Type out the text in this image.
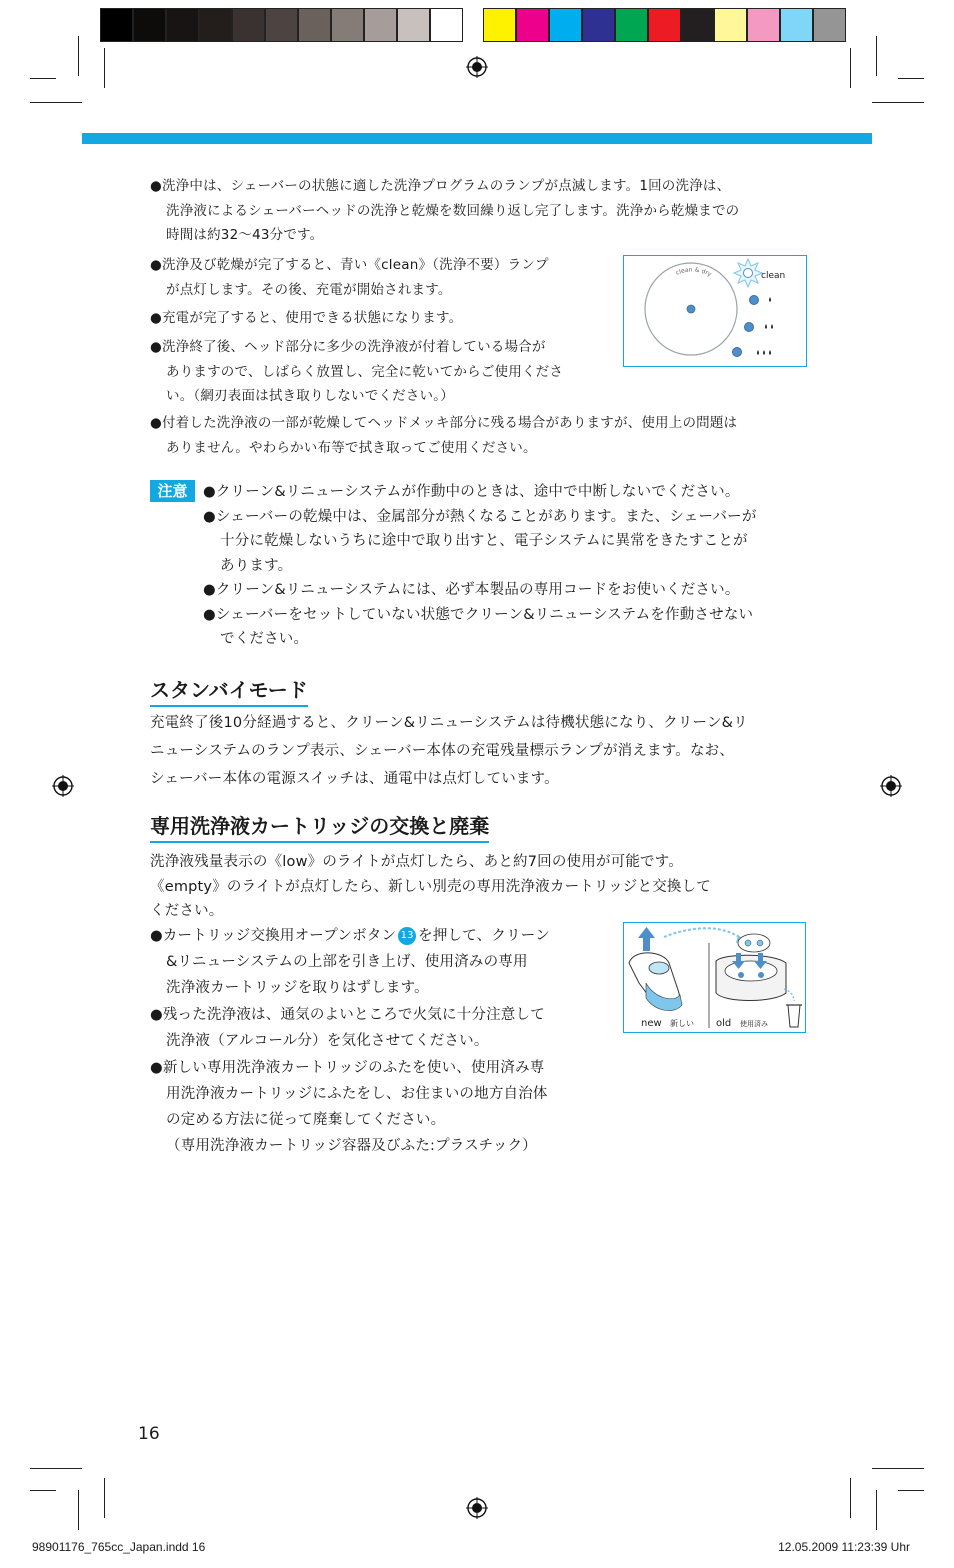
●洗浄中は、シェーバーの状態に適した洗浄プログラムのランプが点滅します。1回の洗浄は、
洗浄液によるシェーバーヘッドの洗浄と乾燥を数回繰り返し完了します。洗浄から乾燥までの
時間は約32～43分です。
●洗浄及び乾燥が完了すると、青い《clean》（洗浄不要）ランプ
が点灯します。その後、充電が開始されます。
●充電が完了すると、使用できる状態になります。
●洗浄終了後、ヘッド部分に多少の洗浄液が付着している場合が
ありますので、しばらく放置し、完全に乾いてからご使用くださ
い。（網刃表面は拭き取りしないでください。）
clean & dry	clean
●付着した洗浄液の一部が乾燥してヘッドメッキ部分に残る場合がありますが、使用上の問題は
ありません。やわらかい布等で拭き取ってご使用ください。
注意	●クリーン&リニューシステムが作動中のときは、途中で中断しないでください。
●シェーバーの乾燥中は、金属部分が熱くなることがあります。また、シェーバーが
十分に乾燥しないうちに途中で取り出すと、電子システムに異常をきたすことが
あります。
●クリーン&リニューシステムには、必ず本製品の専用コードをお使いください。
●シェーバーをセットしていない状態でクリーン&リニューシステムを作動させない
でください。
スタンバイモード
充電終了後10分経過すると、クリーン&リニューシステムは待機状態になり、クリーン&リ
ニューシステムのランプ表示、シェーバー本体の充電残量標示ランプが消えます。なお、
シェーバー本体の電源スイッチは、通電中は点灯しています。
専用洗浄液カートリッジの交換と廃棄
洗浄液残量表示の《low》のライトが点灯したら、あと約7回の使用が可能です。
《empty》のライトが点灯したら、新しい別売の専用洗浄液カートリッジと交換して
ください。
●カートリッジ交換用オープンボタン 13 を押して、クリーン
&リニューシステムの上部を引き上げ、使用済みの専用
洗浄液カートリッジを取りはずします。
●残った洗浄液は、通気のよいところで火気に十分注意して
洗浄液（アルコール分）を気化させてください。
●新しい専用洗浄液カートリッジのふたを使い、使用済み専
用洗浄液カートリッジにふたをし、お住まいの地方自治体
の定める方法に従って廃棄してください。
（専用洗浄液カートリッジ容器及びふた:プラスチック）
new 新しい old 使用済み
16
98901176_765cc_Japan.indd 16	12.05.2009 11:23:39 Uhr
